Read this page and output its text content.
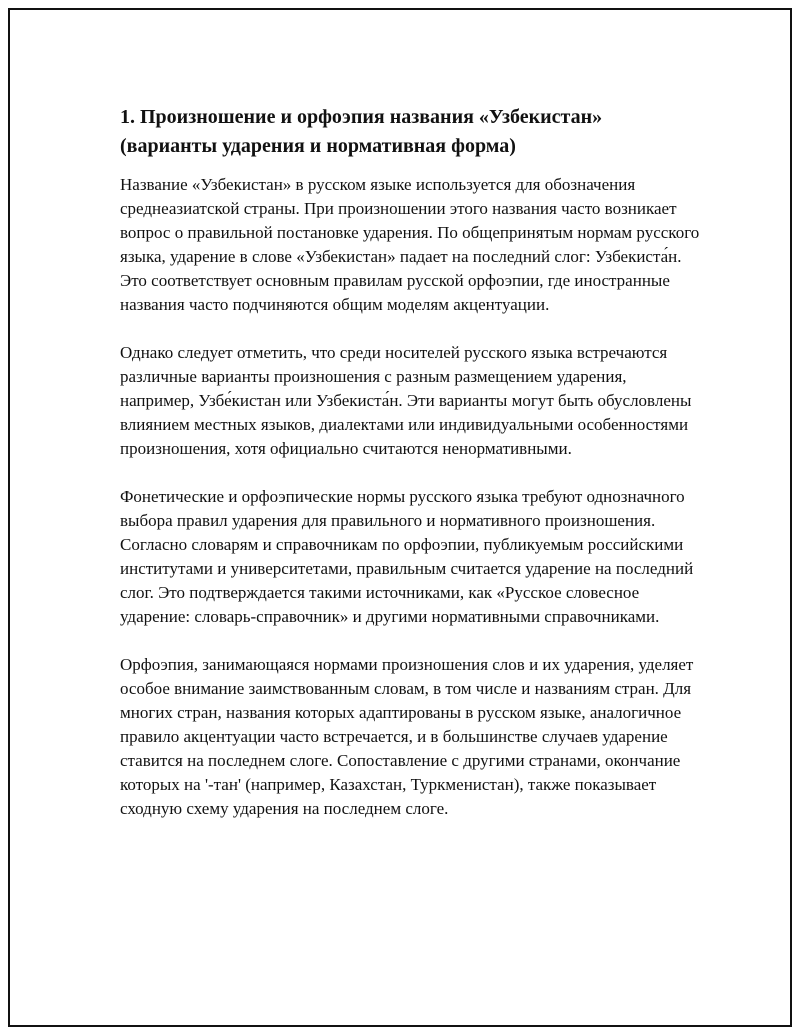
1. Произношение и орфоэпия названия «Узбекистан» (варианты ударения и нормативная форма)

Название «Узбекистан» в русском языке используется для обозначения среднеазиатской страны. При произношении этого названия часто возникает вопрос о правильной постановке ударения. По общепринятым нормам русского языка, ударение в слове «Узбекистан» падает на последний слог: Узбекиста́н. Это соответствует основным правилам русской орфоэпии, где иностранные названия часто подчиняются общим моделям акцентуации.

Однако следует отметить, что среди носителей русского языка встречаются различные варианты произношения с разным размещением ударения, например, Узбе́кистан или Узбекиста́н. Эти варианты могут быть обусловлены влиянием местных языков, диалектами или индивидуальными особенностями произношения, хотя официально считаются ненормативными.

Фонетические и орфоэпические нормы русского языка требуют однозначного выбора правил ударения для правильного и нормативного произношения. Согласно словарям и справочникам по орфоэпии, публикуемым российскими институтами и университетами, правильным считается ударение на последний слог. Это подтверждается такими источниками, как «Русское словесное ударение: словарь-справочник» и другими нормативными справочниками.

Орфоэпия, занимающаяся нормами произношения слов и их ударения, уделяет особое внимание заимствованным словам, в том числе и названиям стран. Для многих стран, названия которых адаптированы в русском языке, аналогичное правило акцентуации часто встречается, и в большинстве случаев ударение ставится на последнем слоге. Сопоставление с другими странами, окончание которых на '-тан' (например, Казахстан, Туркменистан), также показывает сходную схему ударения на последнем слоге.
